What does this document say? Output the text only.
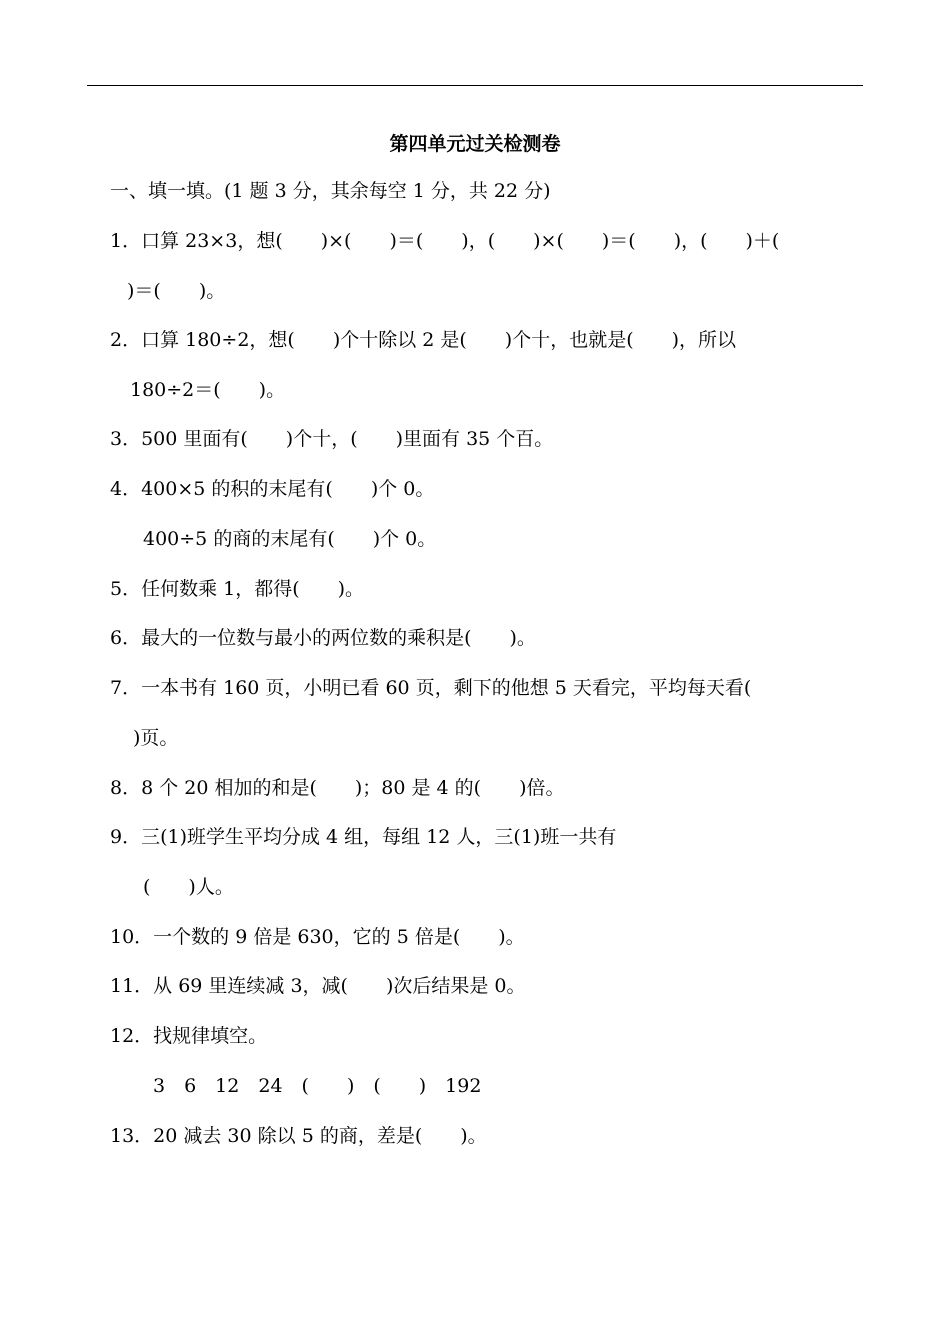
第四单元过关检测卷
一、填一填。(1 题 3 分，其余每空 1 分，共 22 分)
1．口算 23×3，想(　　)×(　　)＝(　　)，(　　)×(　　)＝(　　)，(　　)＋(
)＝(　　)。
2．口算 180÷2，想(　　)个十除以 2 是(　　)个十，也就是(　　)，所以
180÷2＝(　　)。
3．500 里面有(　　)个十，(　　)里面有 35 个百。
4．400×5 的积的末尾有(　　)个 0。
400÷5 的商的末尾有(　　)个 0。
5．任何数乘 1，都得(　　)。
6．最大的一位数与最小的两位数的乘积是(　　)。
7．一本书有 160 页，小明已看 60 页，剩下的他想 5 天看完，平均每天看(
)页。
8．8 个 20 相加的和是(　　)；80 是 4 的(　　)倍。
9．三(1)班学生平均分成 4 组，每组 12 人，三(1)班一共有
(　　)人。
10．一个数的 9 倍是 630，它的 5 倍是(　　)。
11．从 69 里连续减 3，减(　　)次后结果是 0。
12．找规律填空。
3　6　12　24　(　　)　(　　)　192
13．20 减去 30 除以 5 的商，差是(　　)。
